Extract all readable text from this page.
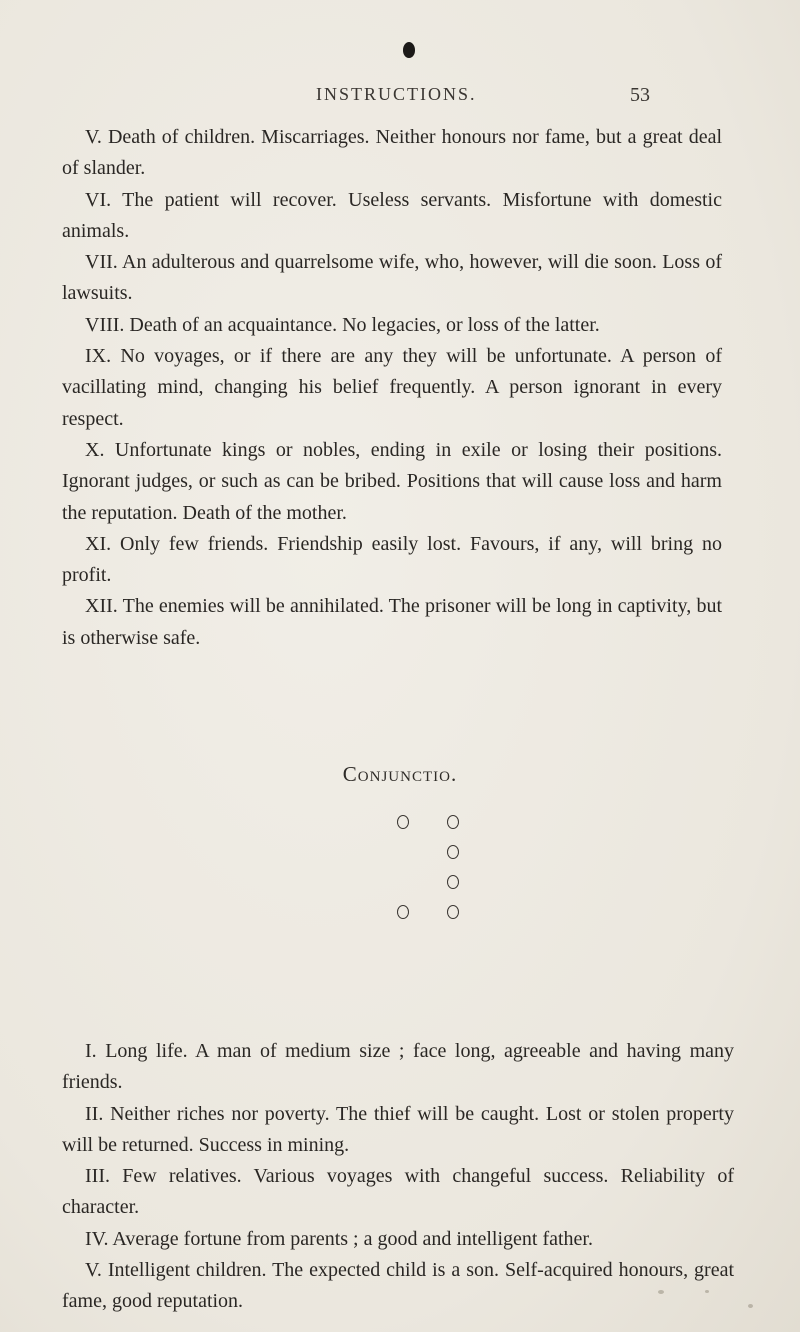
INSTRUCTIONS.	53

V. Death of children. Miscarriages. Neither honours nor fame, but a great deal of slander.

VI. The patient will recover. Useless servants. Misfortune with domestic animals.

VII. An adulterous and quarrelsome wife, who, however, will die soon. Loss of lawsuits.

VIII. Death of an acquaintance. No legacies, or loss of the latter.

IX. No voyages, or if there are any they will be unfortunate. A person of vacillating mind, changing his belief frequently. A person ignorant in every respect.

X. Unfortunate kings or nobles, ending in exile or losing their positions. Ignorant judges, or such as can be bribed. Positions that will cause loss and harm the reputation. Death of the mother.

XI. Only few friends. Friendship easily lost. Favours, if any, will bring no profit.

XII. The enemies will be annihilated. The prisoner will be long in captivity, but is otherwise safe.

Conjunctio.

I. Long life. A man of medium size ; face long, agreeable and having many friends.

II. Neither riches nor poverty. The thief will be caught. Lost or stolen property will be returned. Success in mining.

III. Few relatives. Various voyages with changeful success. Reliability of character.

IV. Average fortune from parents ; a good and intelligent father.

V. Intelligent children. The expected child is a son. Self-acquired honours, great fame, good reputation.
